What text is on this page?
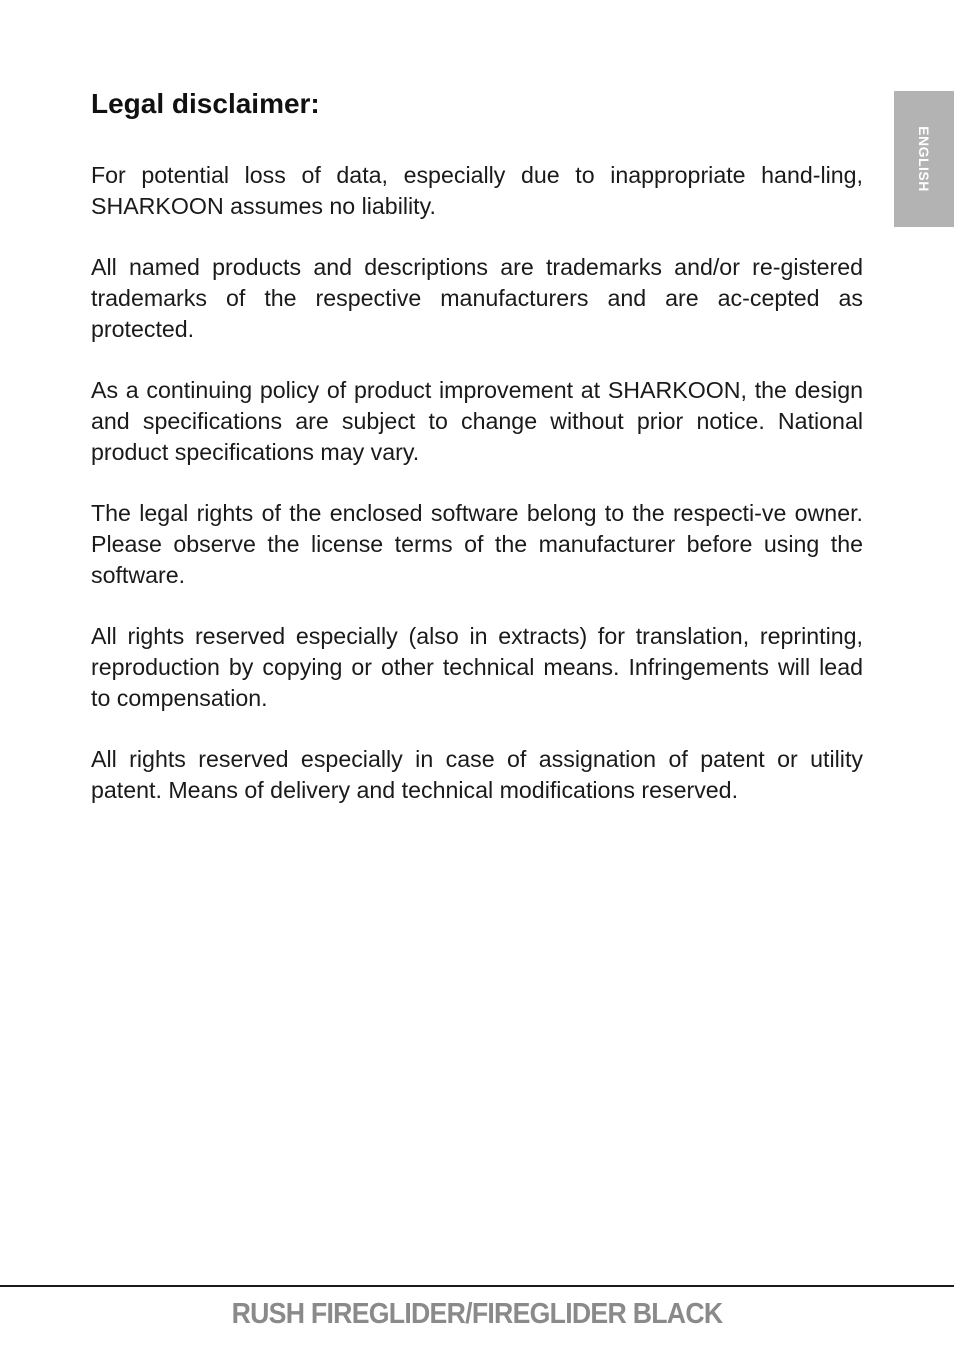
ENGLISH
Legal disclaimer:

For potential loss of data, especially due to inappropriate hand-ling, SHARKOON assumes no liability.

All named products and descriptions are trademarks and/or re-gistered trademarks of the respective manufacturers and are ac-cepted as protected.

As a continuing policy of product improvement at SHARKOON, the design and specifications are subject to change without prior notice. National product specifications may vary.

The legal rights of the enclosed software belong to the respecti-ve owner. Please observe the license terms of the manufacturer before using the software.

All rights reserved especially (also in extracts) for translation, reprinting, reproduction by copying or other technical means. Infringements will lead to compensation.

All rights reserved especially in case of assignation of patent or utility patent. Means of delivery and technical modifications reserved.

RUSH FIREGLIDER/FIREGLIDER BLACK
